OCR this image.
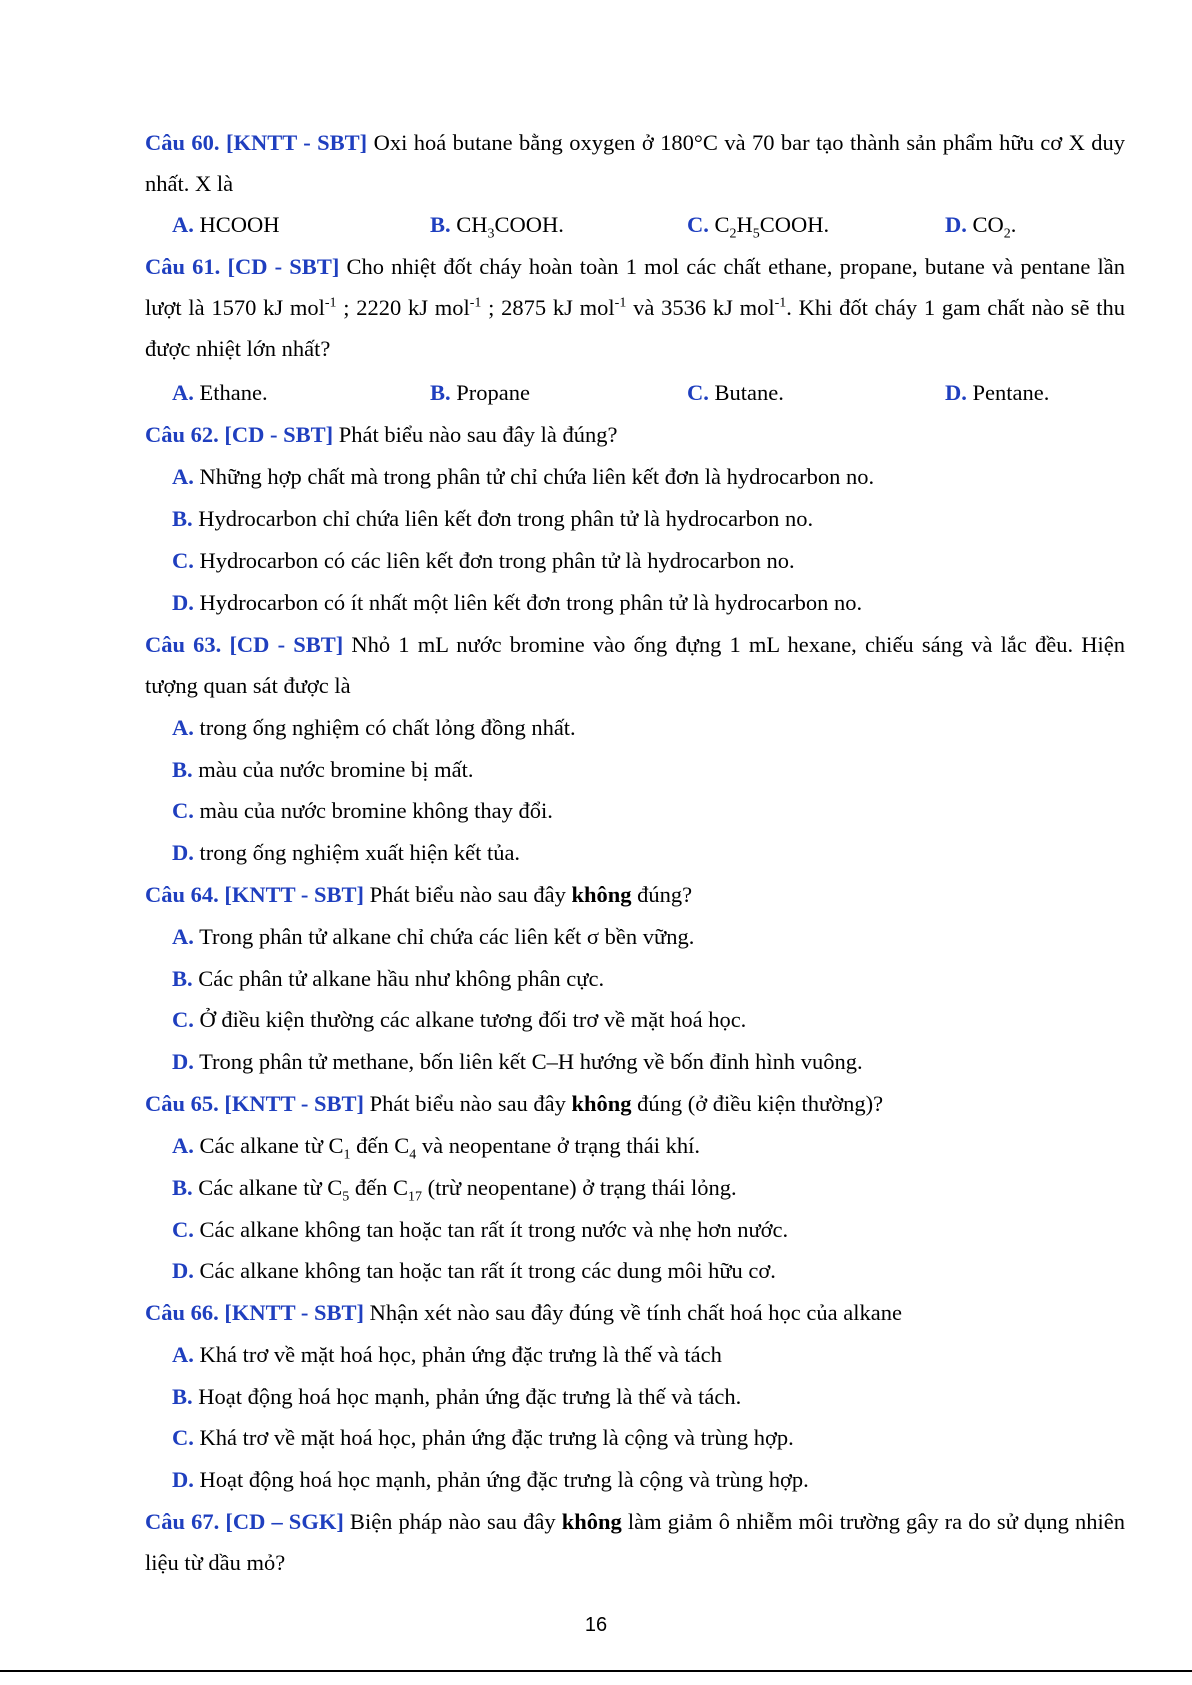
Câu 60. [KNTT - SBT] Oxi hoá butane bằng oxygen ở 180°C và 70 bar tạo thành sản phẩm hữu cơ X duy nhất. X là
A. HCOOH	B. $CH_3COOH$.	C. $C_2H_5COOH$.	D. $CO_2$.
Câu 61. [CD - SBT] Cho nhiệt đốt cháy hoàn toàn 1 mol các chất ethane, propane, butane và pentane lần lượt là 1570 kJ mol$^{-1}$ ; 2220 kJ mol$^{-1}$ ; 2875 kJ mol$^{-1}$ và 3536 kJ mol$^{-1}$. Khi đốt cháy 1 gam chất nào sẽ thu được nhiệt lớn nhất?
A. Ethane.	B. Propane	C. Butane.	D. Pentane.
Câu 62. [CD - SBT] Phát biểu nào sau đây là đúng?
A. Những hợp chất mà trong phân tử chỉ chứa liên kết đơn là hydrocarbon no.
B. Hydrocarbon chỉ chứa liên kết đơn trong phân tử là hydrocarbon no.
C. Hydrocarbon có các liên kết đơn trong phân tử là hydrocarbon no.
D. Hydrocarbon có ít nhất một liên kết đơn trong phân tử là hydrocarbon no.
Câu 63. [CD - SBT] Nhỏ 1 mL nước bromine vào ống đựng 1 mL hexane, chiếu sáng và lắc đều. Hiện tượng quan sát được là
A. trong ống nghiệm có chất lỏng đồng nhất.
B. màu của nước bromine bị mất.
C. màu của nước bromine không thay đổi.
D. trong ống nghiệm xuất hiện kết tủa.
Câu 64. [KNTT - SBT] Phát biểu nào sau đây không đúng?
A. Trong phân tử alkane chỉ chứa các liên kết σ bền vững.
B. Các phân tử alkane hầu như không phân cực.
C. Ở điều kiện thường các alkane tương đối trơ về mặt hoá học.
D. Trong phân tử methane, bốn liên kết C–H hướng về bốn đỉnh hình vuông.
Câu 65. [KNTT - SBT] Phát biểu nào sau đây không đúng (ở điều kiện thường)?
A. Các alkane từ $C_1$ đến $C_4$ và neopentane ở trạng thái khí.
B. Các alkane từ $C_5$ đến $C_{17}$ (trừ neopentane) ở trạng thái lỏng.
C. Các alkane không tan hoặc tan rất ít trong nước và nhẹ hơn nước.
D. Các alkane không tan hoặc tan rất ít trong các dung môi hữu cơ.
Câu 66. [KNTT - SBT] Nhận xét nào sau đây đúng về tính chất hoá học của alkane
A. Khá trơ về mặt hoá học, phản ứng đặc trưng là thế và tách
B. Hoạt động hoá học mạnh, phản ứng đặc trưng là thế và tách.
C. Khá trơ về mặt hoá học, phản ứng đặc trưng là cộng và trùng hợp.
D. Hoạt động hoá học mạnh, phản ứng đặc trưng là cộng và trùng hợp.
Câu 67. [CD – SGK] Biện pháp nào sau đây không làm giảm ô nhiễm môi trường gây ra do sử dụng nhiên liệu từ dầu mỏ?
16
